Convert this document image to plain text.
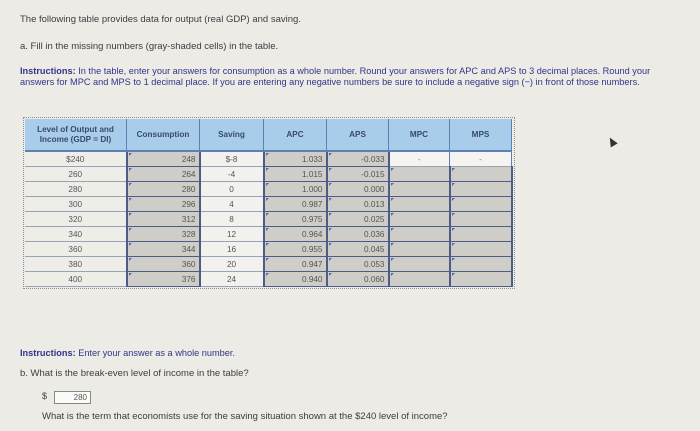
The following table provides data for output (real GDP) and saving.

a. Fill in the missing numbers (gray-shaded cells) in the table.

Instructions: In the table, enter your answers for consumption as a whole number. Round your answers for APC and APS to 3 decimal places. Round your answers for MPC and MPS to 1 decimal place. If you are entering any negative numbers be sure to include a negative sign (−) in front of those numbers.

Level of Output and Income (GDP = DI)	Consumption	Saving	APC	APS	MPC	MPS
$240	248	$-8	1.033	-0.033	-	-
260	264	-4	1.015	-0.015		
280	280	0	1.000	0.000		
300	296	4	0.987	0.013		
320	312	8	0.975	0.025		
340	328	12	0.964	0.036		
360	344	16	0.955	0.045		
380	360	20	0.947	0.053		
400	376	24	0.940	0.060		

Instructions: Enter your answer as a whole number.

b. What is the break-even level of income in the table?

$	280

What is the term that economists use for the saving situation shown at the $240 level of income?
